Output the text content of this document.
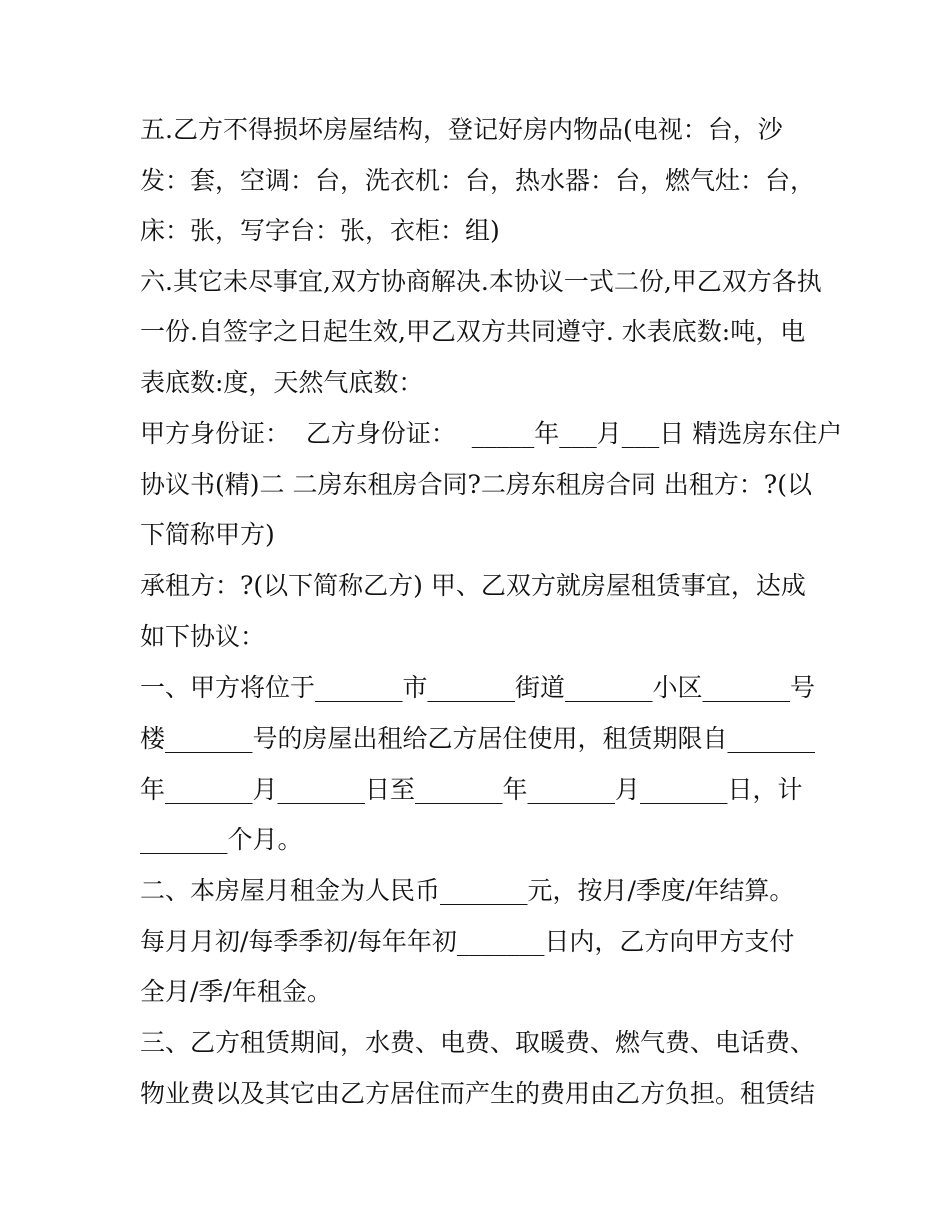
五.乙方不得损坏房屋结构，登记好房内物品(电视：台，沙
发：套，空调：台，洗衣机：台，热水器：台，燃气灶：台，
床：张，写字台：张，衣柜：组)
六.其它未尽事宜,双方协商解决.本协议一式二份,甲乙双方各执
一份.自签字之日起生效,甲乙双方共同遵守. 水表底数:吨，电
表底数:度，天然气底数：
甲方身份证：  乙方身份证：  _____年___月___日 精选房东住户
协议书(精)二 二房东租房合同?二房东租房合同 出租方：?(以
下简称甲方)
承租方：?(以下简称乙方) 甲、乙双方就房屋租赁事宜，达成
如下协议：
一、甲方将位于_______市_______街道_______小区_______号
楼_______号的房屋出租给乙方居住使用，租赁期限自_______
年_______月_______日至_______年_______月_______日，计
_______个月。
二、本房屋月租金为人民币_______元，按月/季度/年结算。
每月月初/每季季初/每年年初_______日内，乙方向甲方支付
全月/季/年租金。
三、乙方租赁期间，水费、电费、取暖费、燃气费、电话费、
物业费以及其它由乙方居住而产生的费用由乙方负担。租赁结
